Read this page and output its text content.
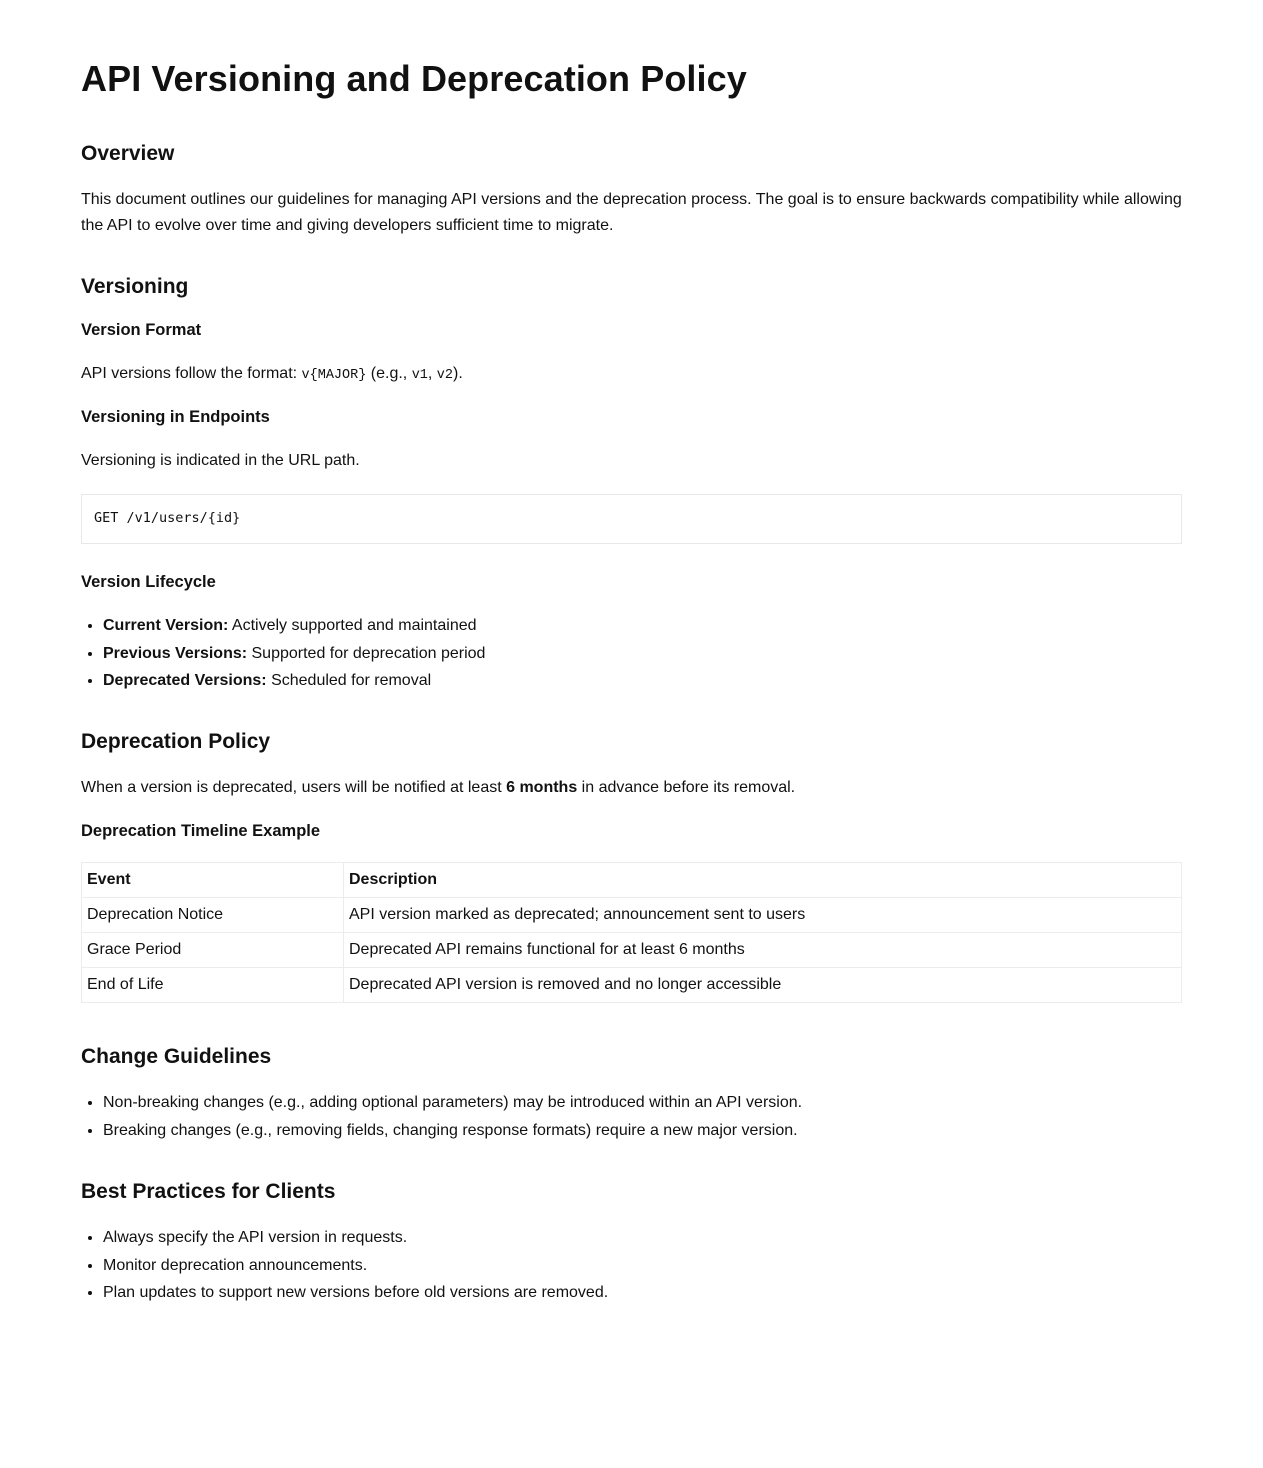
API Versioning and Deprecation Policy
Overview

This document outlines our guidelines for managing API versions and the deprecation process. The goal is to ensure backwards compatibility while allowing the API to evolve over time and giving developers sufficient time to migrate.

Versioning
Version Format

API versions follow the format: v{MAJOR} (e.g., v1, v2).

Versioning in Endpoints

Versioning is indicated in the URL path.

GET /v1/users/{id}
Version Lifecycle
• Current Version: Actively supported and maintained
• Previous Versions: Supported for deprecation period
• Deprecated Versions: Scheduled for removal
Deprecation Policy

When a version is deprecated, users will be notified at least 6 months in advance before its removal.

Deprecation Timeline Example
Event	Description
Deprecation Notice	API version marked as deprecated; announcement sent to users
Grace Period	Deprecated API remains functional for at least 6 months
End of Life	Deprecated API version is removed and no longer accessible
Change Guidelines
• Non-breaking changes (e.g., adding optional parameters) may be introduced within an API version.
• Breaking changes (e.g., removing fields, changing response formats) require a new major version.
Best Practices for Clients
• Always specify the API version in requests.
• Monitor deprecation announcements.
• Plan updates to support new versions before old versions are removed.
